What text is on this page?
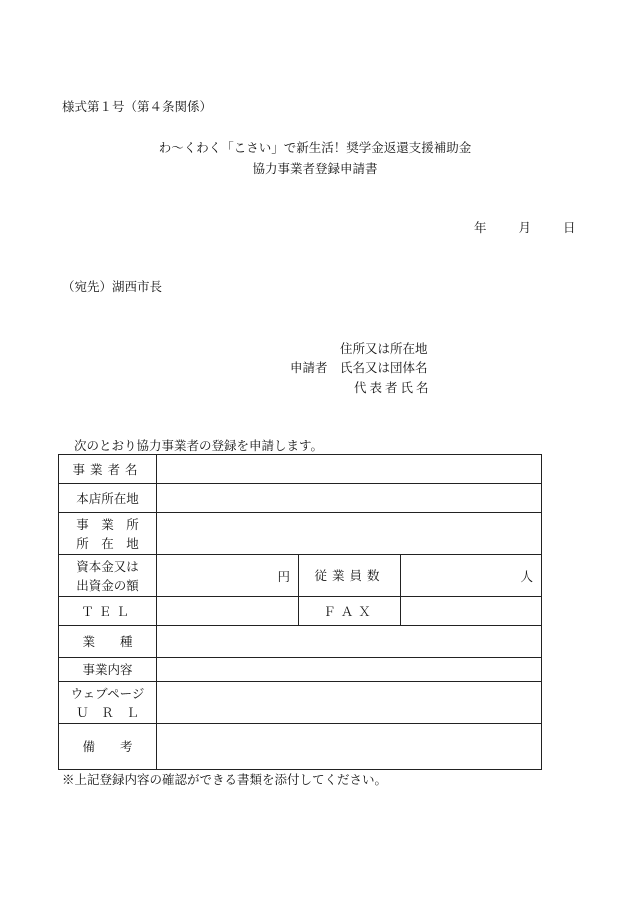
様式第１号（第４条関係）
わ〜くわく「こさい」で新生活！奨学金返還支援補助金
協力事業者登録申請書
年	月	日
（宛先）湖西市長
住所又は所在地
申請者 氏名又は団体名
代表者氏名
次のとおり協力事業者の登録を申請します。
事業者名			
本店所在地			

事　業　所
所　在　地			

資本金又は
出資金の額	円	従業員数	人
ＴＥＬ		ＦＡＸ	
業　　種			
事業内容			

ウェブページ
Ｕ　Ｒ　Ｌ			

備　　考			
※上記登録内容の確認ができる書類を添付してください。
